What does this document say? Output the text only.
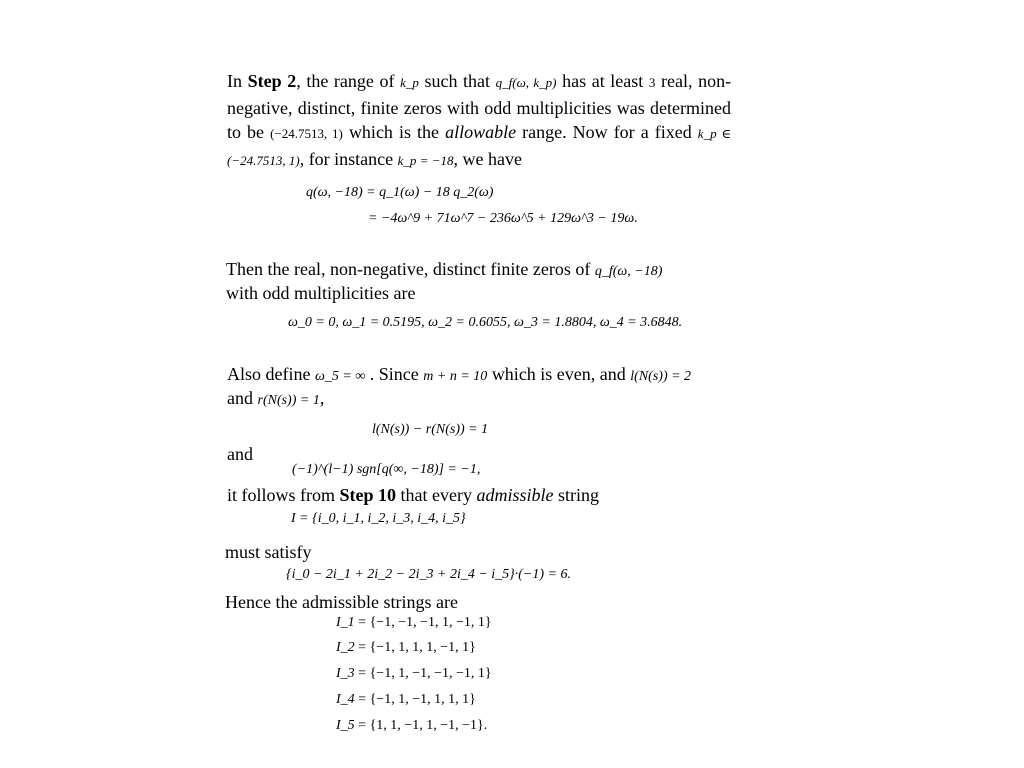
In Step 2, the range of k_p such that q_f(ω, k_p) has at least 3 real, non-negative, distinct, finite zeros with odd multiplicities was determined to be (−24.7513, 1) which is the allowable range. Now for a fixed k_p ∈ (−24.7513, 1), for instance k_p = −18, we have
q(ω, −18) = q_1(ω) − 18 q_2(ω)
= −4ω^9 + 71ω^7 − 236ω^5 + 129ω^3 − 19ω.
Then the real, non-negative, distinct finite zeros of q_f(ω, −18)
with odd multiplicities are
ω_0 = 0, ω_1 = 0.5195, ω_2 = 0.6055, ω_3 = 1.8804, ω_4 = 3.6848.
Also define ω_5 = ∞ . Since m + n = 10 which is even, and l(N(s)) = 2
and r(N(s)) = 1,
l(N(s)) − r(N(s)) = 1
and
(−1)^(l−1) sgn[q(∞, −18)] = −1,
it follows from Step 10 that every admissible string
I = {i_0, i_1, i_2, i_3, i_4, i_5}
must satisfy
{i_0 − 2i_1 + 2i_2 − 2i_3 + 2i_4 − i_5}·(−1) = 6.
Hence the admissible strings are
I_1 = {−1, −1, −1, 1, −1, 1}
I_2 = {−1, 1, 1, 1, −1, 1}
I_3 = {−1, 1, −1, −1, −1, 1}
I_4 = {−1, 1, −1, 1, 1, 1}
I_5 = {1, 1, −1, 1, −1, −1}.
